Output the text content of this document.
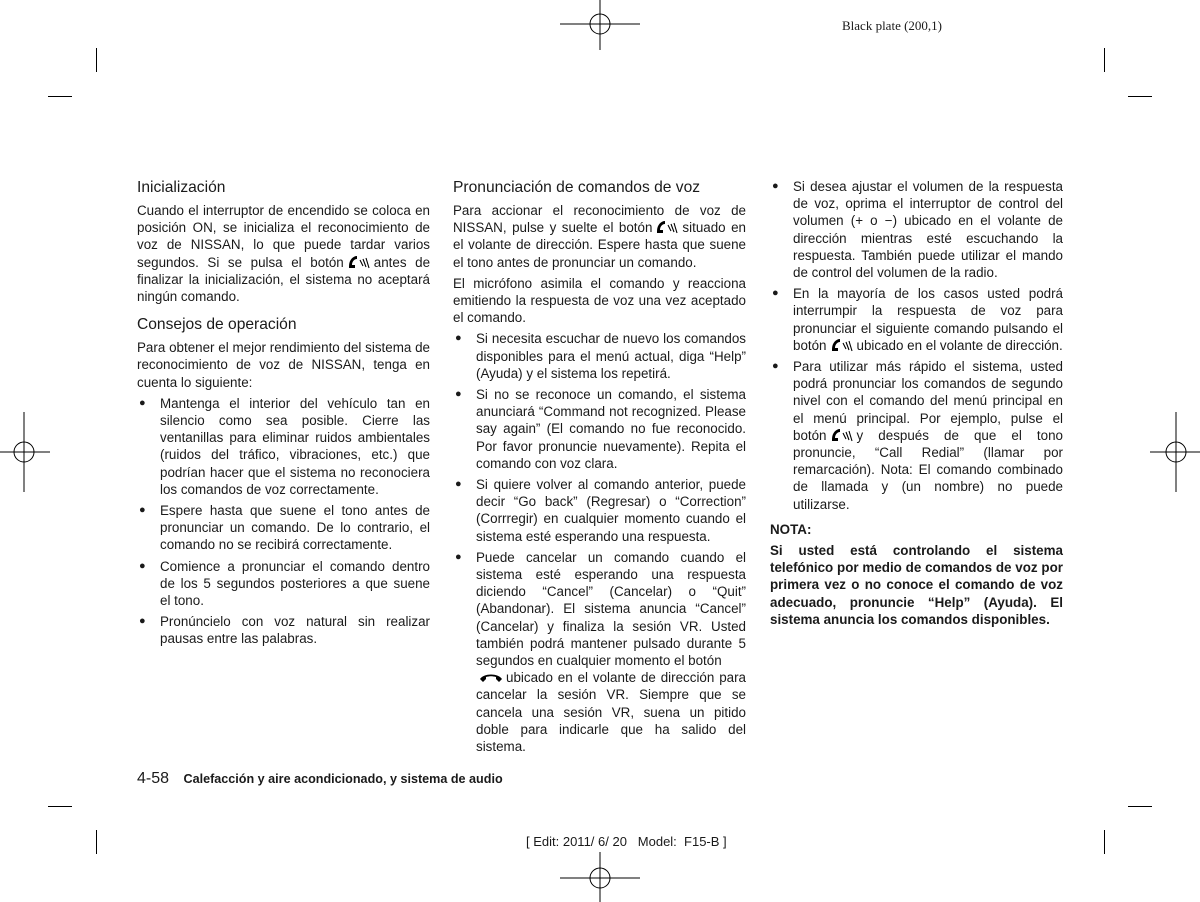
Black plate (200,1)
Inicialización

Cuando el interruptor de encendido se coloca en posición ON, se inicializa el reconocimiento de voz de NISSAN, lo que puede tardar varios segundos. Si se pulsa el botón antes de finalizar la inicialización, el sistema no aceptará ningún comando.

Consejos de operación

Para obtener el mejor rendimiento del sistema de reconocimiento de voz de NISSAN, tenga en cuenta lo siguiente:

● Mantenga el interior del vehículo tan en silencio como sea posible. Cierre las ventanillas para eliminar ruidos ambientales (ruidos del tráfico, vibraciones, etc.) que podrían hacer que el sistema no reconociera los comandos de voz correctamente.
● Espere hasta que suene el tono antes de pronunciar un comando. De lo contrario, el comando no se recibirá correctamente.
● Comience a pronunciar el comando dentro de los 5 segundos posteriores a que suene el tono.
● Pronúncielo con voz natural sin realizar pausas entre las palabras.
Pronunciación de comandos de voz

Para accionar el reconocimiento de voz de NISSAN, pulse y suelte el botón situado en el volante de dirección. Espere hasta que suene el tono antes de pronunciar un comando.

El micrófono asimila el comando y reacciona emitiendo la respuesta de voz una vez aceptado el comando.

● Si necesita escuchar de nuevo los comandos disponibles para el menú actual, diga “Help” (Ayuda) y el sistema los repetirá.
● Si no se reconoce un comando, el sistema anunciará “Command not recognized. Please say again” (El comando no fue reconocido. Por favor pronuncie nuevamente). Repita el comando con voz clara.
● Si quiere volver al comando anterior, puede decir “Go back” (Regresar) o “Correction” (Corrregir) en cualquier momento cuando el sistema esté esperando una respuesta.
● Puede cancelar un comando cuando el sistema esté esperando una respuesta diciendo “Cancel” (Cancelar) o “Quit” (Abandonar). El sistema anuncia “Cancel” (Cancelar) y finaliza la sesión VR. Usted también podrá mantener pulsado durante 5 segundos en cualquier momento el botón
ubicado en el volante de dirección para cancelar la sesión VR. Siempre que se cancela una sesión VR, suena un pitido doble para indicarle que ha salido del sistema.
● Si desea ajustar el volumen de la respuesta de voz, oprima el interruptor de control del volumen (+ o −) ubicado en el volante de dirección mientras esté escuchando la respuesta. También puede utilizar el mando de control del volumen de la radio.
● En la mayoría de los casos usted podrá interrumpir la respuesta de voz para pronunciar el siguiente comando pulsando el botón ubicado en el volante de dirección.
● Para utilizar más rápido el sistema, usted podrá pronunciar los comandos de segundo nivel con el comando del menú principal en el menú principal. Por ejemplo, pulse el botón y después de que el tono pronuncie, “Call Redial” (llamar por remarcación). Nota: El comando combinado de llamada y (un nombre) no puede utilizarse.

NOTA:

Si usted está controlando el sistema telefónico por medio de comandos de voz por primera vez o no conoce el comando de voz adecuado, pronuncie “Help” (Ayuda). El sistema anuncia los comandos disponibles.

4-58 Calefacción y aire acondicionado, y sistema de audio
[ Edit: 2011/ 6/ 20   Model:  F15-B ]
